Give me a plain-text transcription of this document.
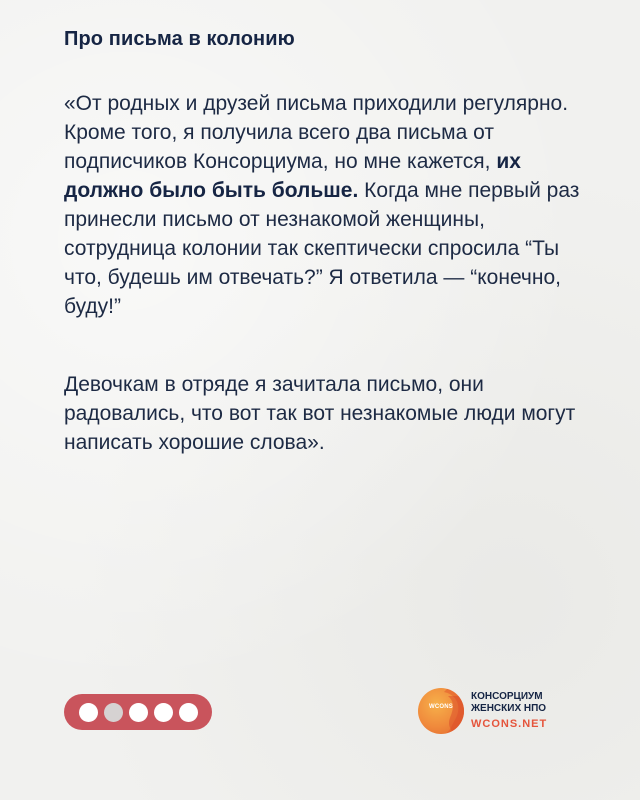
Про письма в колонию
«От родных и друзей письма приходили регулярно. Кроме того, я получила всего два письма от подписчиков Консорциума, но мне кажется, их должно было быть больше. Когда мне первый раз принесли письмо от незнакомой женщины, сотрудница колонии так скептически спросила “Ты что, будешь им отвечать?” Я ответила — “конечно, буду!”
Девочкам в отряде я зачитала письмо, они радовались, что вот так вот незнакомые люди могут написать хорошие слова».
WCONS
КОНСОРЦИУМ
ЖЕНСКИХ НПО
WCONS.NET
